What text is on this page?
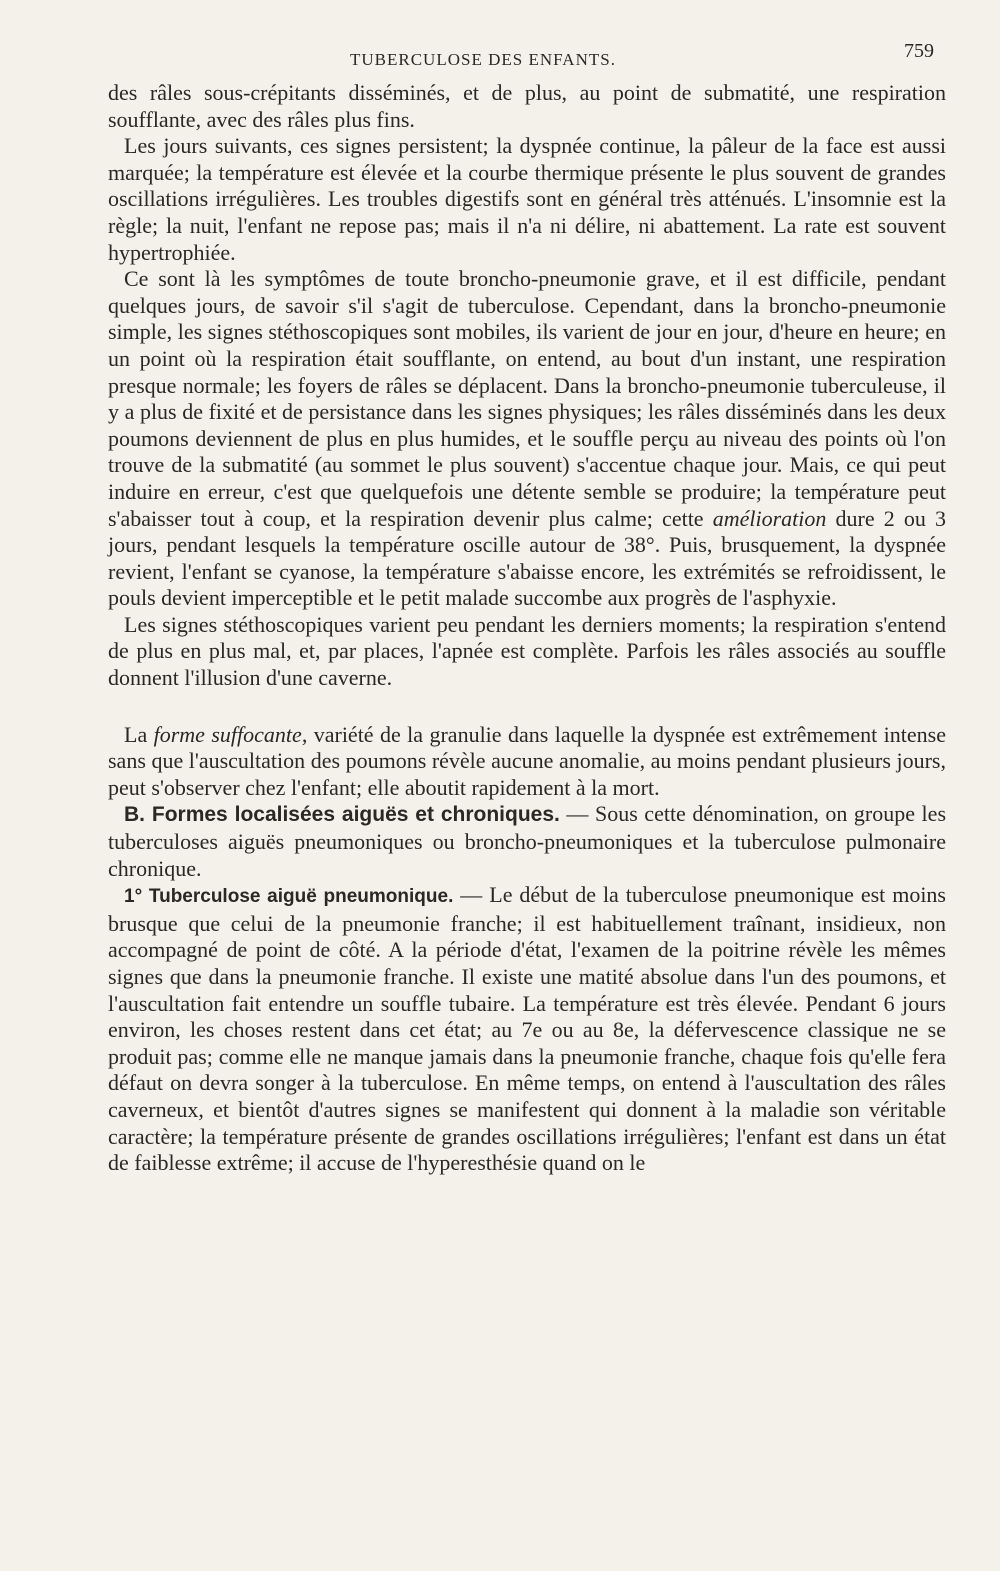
TUBERCULOSE DES ENFANTS.	759

des râles sous-crépitants disséminés, et de plus, au point de submatité, une respiration soufflante, avec des râles plus fins.

Les jours suivants, ces signes persistent; la dyspnée continue, la pâleur de la face est aussi marquée; la température est élevée et la courbe thermique présente le plus souvent de grandes oscillations irrégulières. Les troubles digestifs sont en général très atténués. L'insomnie est la règle; la nuit, l'enfant ne repose pas; mais il n'a ni délire, ni abattement. La rate est souvent hypertrophiée.

Ce sont là les symptômes de toute broncho-pneumonie grave, et il est difficile, pendant quelques jours, de savoir s'il s'agit de tuberculose. Cependant, dans la broncho-pneumonie simple, les signes stéthoscopiques sont mobiles, ils varient de jour en jour, d'heure en heure; en un point où la respiration était soufflante, on entend, au bout d'un instant, une respiration presque normale; les foyers de râles se déplacent. Dans la broncho-pneumonie tuberculeuse, il y a plus de fixité et de persistance dans les signes physiques; les râles disséminés dans les deux poumons deviennent de plus en plus humides, et le souffle perçu au niveau des points où l'on trouve de la submatité (au sommet le plus souvent) s'accentue chaque jour. Mais, ce qui peut induire en erreur, c'est que quelquefois une détente semble se produire; la température peut s'abaisser tout à coup, et la respiration devenir plus calme; cette amélioration dure 2 ou 3 jours, pendant lesquels la température oscille autour de 38°. Puis, brusquement, la dyspnée revient, l'enfant se cyanose, la température s'abaisse encore, les extrémités se refroidissent, le pouls devient imperceptible et le petit malade succombe aux progrès de l'asphyxie.

Les signes stéthoscopiques varient peu pendant les derniers moments; la respiration s'entend de plus en plus mal, et, par places, l'apnée est complète. Parfois les râles associés au souffle donnent l'illusion d'une caverne.

La forme suffocante, variété de la granulie dans laquelle la dyspnée est extrêmement intense sans que l'auscultation des poumons révèle aucune anomalie, au moins pendant plusieurs jours, peut s'observer chez l'enfant; elle aboutit rapidement à la mort.

B. Formes localisées aiguës et chroniques. — Sous cette dénomination, on groupe les tuberculoses aiguës pneumoniques ou broncho-pneumoniques et la tuberculose pulmonaire chronique.

1° Tuberculose aiguë pneumonique. — Le début de la tuberculose pneumonique est moins brusque que celui de la pneumonie franche; il est habituellement traînant, insidieux, non accompagné de point de côté. A la période d'état, l'examen de la poitrine révèle les mêmes signes que dans la pneumonie franche. Il existe une matité absolue dans l'un des poumons, et l'auscultation fait entendre un souffle tubaire. La température est très élevée. Pendant 6 jours environ, les choses restent dans cet état; au 7e ou au 8e, la défervescence classique ne se produit pas; comme elle ne manque jamais dans la pneumonie franche, chaque fois qu'elle fera défaut on devra songer à la tuberculose. En même temps, on entend à l'auscultation des râles caverneux, et bientôt d'autres signes se manifestent qui donnent à la maladie son véritable caractère; la température présente de grandes oscillations irrégulières; l'enfant est dans un état de faiblesse extrême; il accuse de l'hyperesthésie quand on le
